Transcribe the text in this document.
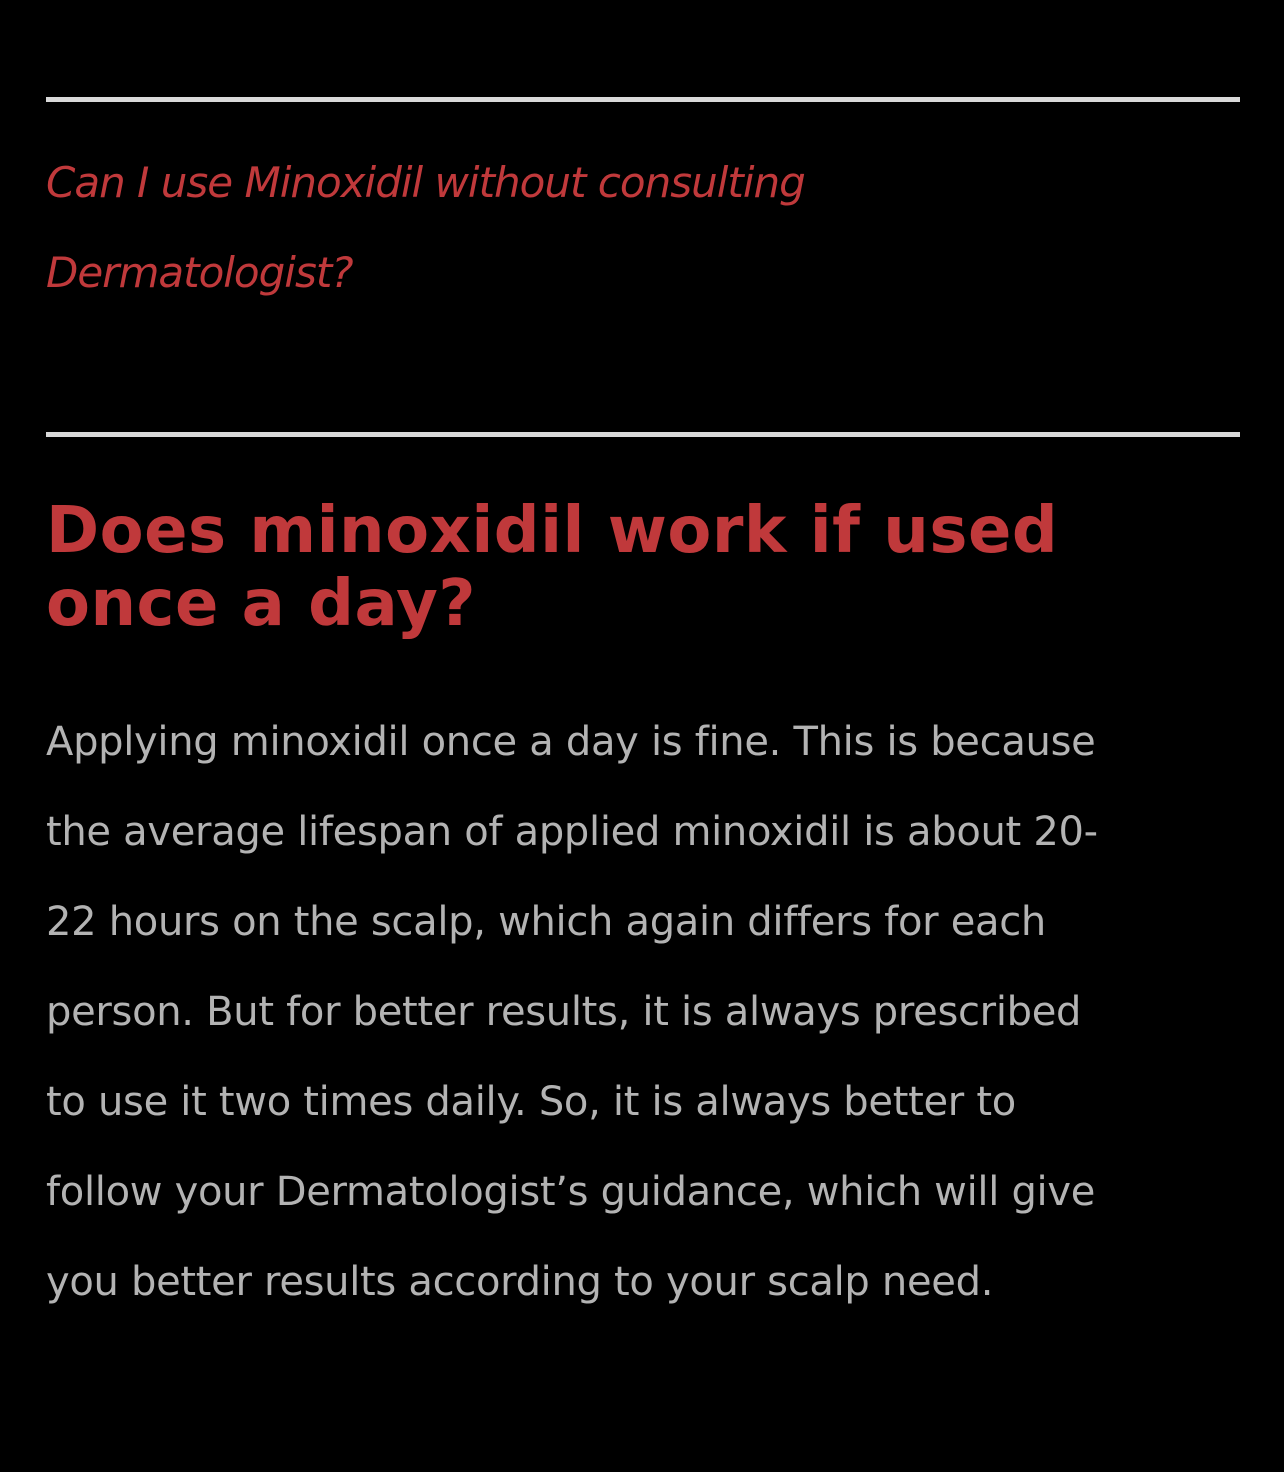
Can I use Minoxidil without consulting Dermatologist?
Does minoxidil work if used once a day?

Applying minoxidil once a day is fine. This is because the average lifespan of applied minoxidil is about 20-22 hours on the scalp, which again differs for each person. But for better results, it is always prescribed to use it two times daily. So, it is always better to follow your Dermatologist’s guidance, which will give you better results according to your scalp need.
